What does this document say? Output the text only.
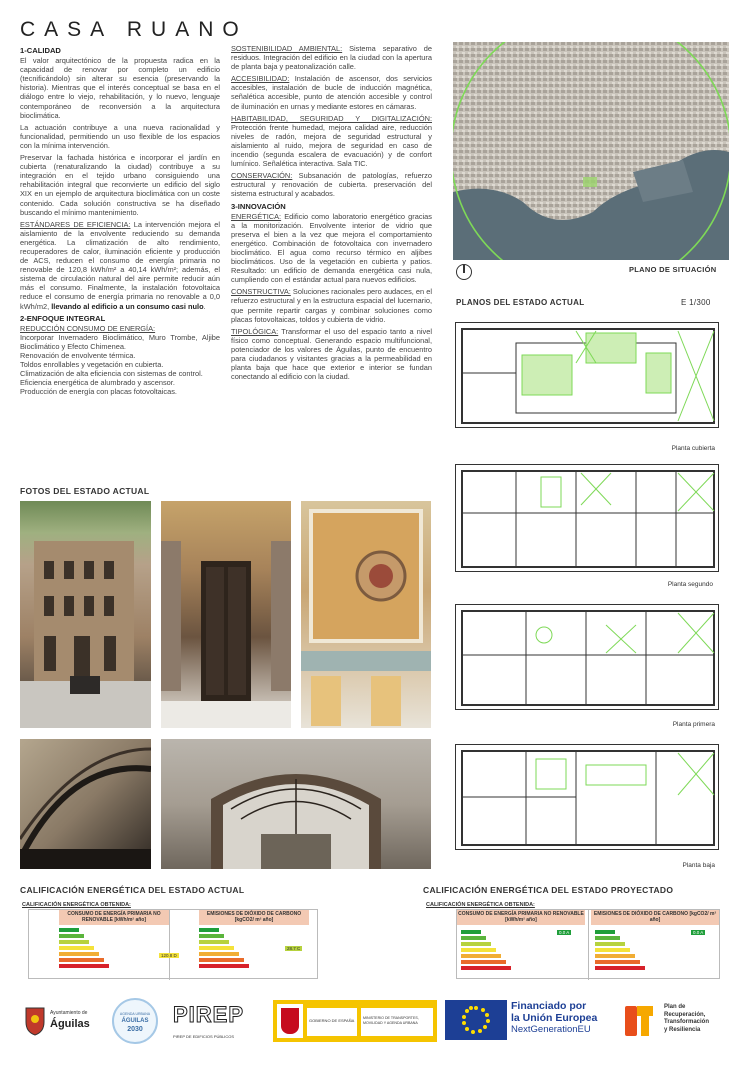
CASA RUANO
1-CALIDAD

El valor arquitectónico de la propuesta radica en la capacidad de renovar por completo un edificio (tecnificándolo) sin alterar su esencia (preservando la historia). Mientras que el interés conceptual se basa en el diálogo entre lo viejo, rehabilitación, y lo nuevo, lenguaje contemporáneo de reconversión a la arquitectura bioclimática.

La actuación contribuye a una nueva racionalidad y funcionalidad, permitiendo un uso flexible de los espacios con la mínima intervención.

Preservar la fachada histórica e incorporar el jardín en cubierta (renaturalizando la ciudad) contribuye a su integración en el tejido urbano consiguiendo una rehabilitación integral que reconvierte un edificio del siglo XIX en un ejemplo de arquitectura bioclimática con un coste contenido. Cada solución constructiva se ha diseñado buscando el mínimo mantenimiento.

ESTÁNDARES DE EFICIENCIA: La intervención mejora el aislamiento de la envolvente reduciendo su demanda energética. La climatización de alto rendimiento, recuperadores de calor, iluminación eficiente y producción de ACS, reducen el consumo de energía primaria no renovable de 120,8 kWh/m² a 40,14 kWh/m²; además, el sistema de circulación natural del aire permite reducir aún más el consumo. Finalmente, la instalación fotovoltaica reduce el consumo de energía primaria no renovable a 0,0 kWh/m2, llevando al edificio a un consumo casi nulo.

2-ENFOQUE INTEGRAL
REDUCCIÓN CONSUMO DE ENERGÍA:
Incorporar Invernadero Bioclimático, Muro Trombe, Aljibe Bioclimático y Efecto Chimenea.
Renovación de envolvente térmica.
Toldos enrollables y vegetación en cubierta.
Climatización de alta eficiencia con sistemas de control.
Eficiencia energética de alumbrado y ascensor.
Producción de energía con placas fotovoltaicas.

SOSTENIBILIDAD AMBIENTAL: Sistema separativo de residuos. Integración del edificio en la ciudad con la apertura de planta baja y peatonalización calle.

ACCESIBILIDAD: Instalación de ascensor, dos servicios accesibles, instalación de bucle de inducción magnética, señalética accesible, punto de atención accesible y control de iluminación en urnas y mediante estores en cámaras.

HABITABILIDAD, SEGURIDAD Y DIGITALIZACIÓN: Protección frente humedad, mejora calidad aire, reducción niveles de radón, mejora de seguridad estructural y aislamiento al ruido, mejora de seguridad en caso de incendio (segunda escalera de evacuación) y de confort lumínico. Señalética interactiva. Sala TIC.

CONSERVACIÓN: Subsanación de patologías, refuerzo estructural y renovación de cubierta. preservación del sistema estructural y acabados.

3-INNOVACIÓN

ENERGÉTICA: Edificio como laboratorio energético gracias a la monitorización. Envolvente interior de vidrio que preserva el bien a la vez que mejora el comportamiento energético. Combinación de fotovoltaica con invernadero bioclimático. El agua como recurso térmico en aljibes bioclimáticos. Uso de la vegetación en cubierta y patios. Resultado: un edificio de demanda energética casi nula, cumpliendo con el estándar actual para nuevos edificios.

CONSTRUCTIVA: Soluciones racionales pero audaces, en el refuerzo estructural y en la estructura espacial del lucernario, que permite repartir cargas y combinar soluciones como placas fotovoltaicas, toldos y cubierta de vidrio.

TIPOLÓGICA: Transformar el uso del espacio tanto a nivel físico como conceptual. Generando espacio multifuncional, potenciador de los valores de Águilas, punto de encuentro para ciudadanos y visitantes gracias a la permeabilidad en planta baja que hace que exterior e interior se fundan conectando al edificio con la ciudad.

PLANO DE SITUACIÓN
PLANOS DEL ESTADO ACTUAL	E 1/300
Planta cubierta
Planta segundo
Planta primera
Planta baja
FOTOS DEL ESTADO ACTUAL
CALIFICACIÓN ENERGÉTICA DEL ESTADO ACTUAL
CALIFICACIÓN ENERGÉTICA OBTENIDA:
CONSUMO DE ENERGÍA PRIMARIA NO RENOVABLE [kWh/m² año]
EMISIONES DE DIÓXIDO DE CARBONO [kgCO2/ m² año]
120.8 D
28.7 C
CALIFICACIÓN ENERGÉTICA DEL ESTADO PROYECTADO
CALIFICACIÓN ENERGÉTICA OBTENIDA:
CONSUMO DE ENERGÍA PRIMARIA NO RENOVABLE [kWh/m² año]
EMISIONES DE DIÓXIDO DE CARBONO [kgCO2/ m² año]
0.0 A	0.0 A
Ayuntamiento de
Águilas
AGENDA URBANA
ÁGUILAS
2030
PIREP
PIREP DE EDIFICIOS PÚBLICOS
GOBIERNO DE ESPAÑA	MINISTERIO DE TRANSPORTES, MOVILIDAD Y AGENDA URBANA
Financiado por
la Unión Europea
NextGenerationEU
Plan de
Recuperación,
Transformación
y Resiliencia
